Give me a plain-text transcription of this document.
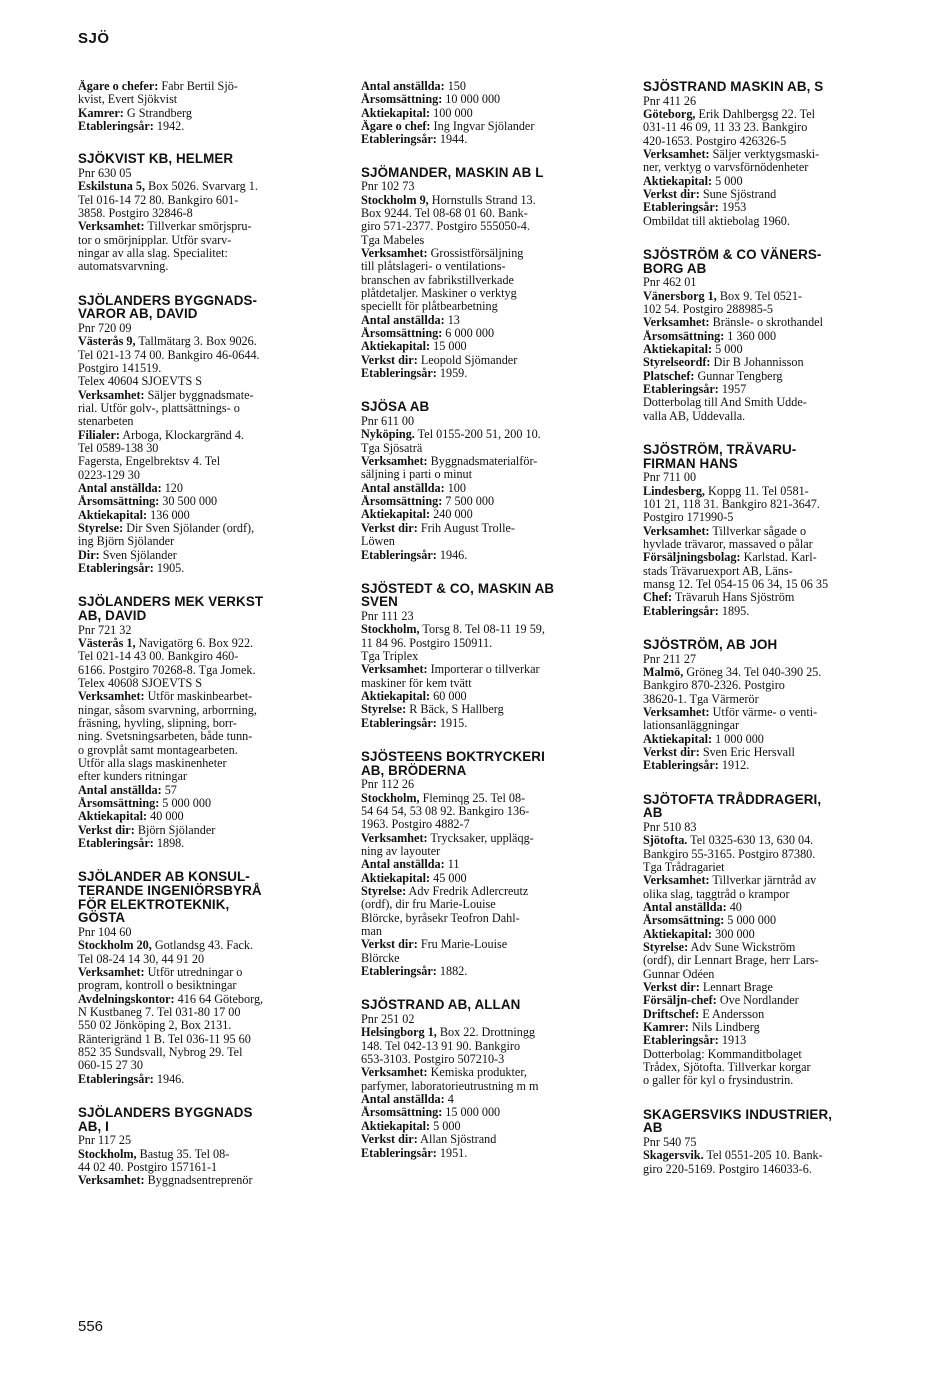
SJÖ
Ägare o chefer: Fabr Bertil Sjö-
kvist, Evert Sjökvist
Kamrer: G Strandberg
Etableringsår: 1942.
SJÖKVIST KB, HELMER
Pnr 630 05
Eskilstuna 5, Box 5026. Svarvarg 1.
Tel 016-14 72 80. Bankgiro 601-
3858. Postgiro 32846-8
Verksamhet: Tillverkar smörjspru-
tor o smörjnipplar. Utför svarv-
ningar av alla slag. Specialitet:
automatsvarvning.
SJÖLANDERS BYGGNADS-
VAROR AB, DAVID
Pnr 720 09
Västerås 9, Tallmätarg 3. Box 9026.
Tel 021-13 74 00. Bankgiro 46-0644.
Postgiro 141519.
Telex 40604 SJOEVTS S
Verksamhet: Säljer byggnadsmate-
rial. Utför golv-, plattsättnings- o
stenarbeten
Filialer: Arboga, Klockargränd 4.
Tel 0589-138 30
Fagersta, Engelbrektsv 4. Tel
0223-129 30
Antal anställda: 120
Årsomsättning: 30 500 000
Aktiekapital: 136 000
Styrelse: Dir Sven Sjölander (ordf),
ing Björn Sjölander
Dir: Sven Sjölander
Etableringsår: 1905.
SJÖLANDERS MEK VERKST
AB, DAVID
Pnr 721 32
Västerås 1, Navigatörg 6. Box 922.
Tel 021-14 43 00. Bankgiro 460-
6166. Postgiro 70268-8. Tga Jomek.
Telex 40608 SJOEVTS S
Verksamhet: Utför maskinbearbet-
ningar, såsom svarvning, arborrning,
fräsning, hyvling, slipning, borr-
ning. Svetsningsarbeten, både tunn-
o grovplåt samt montagearbeten.
Utför alla slags maskinenheter
efter kunders ritningar
Antal anställda: 57
Årsomsättning: 5 000 000
Aktiekapital: 40 000
Verkst dir: Björn Sjölander
Etableringsår: 1898.
SJÖLANDER AB KONSUL-
TERANDE INGENIÖRSBYRÅ
FÖR ELEKTROTEKNIK,
GÖSTA
Pnr 104 60
Stockholm 20, Gotlandsg 43. Fack.
Tel 08-24 14 30, 44 91 20
Verksamhet: Utför utredningar o
program, kontroll o besiktningar
Avdelningskontor: 416 64 Göteborg,
N Kustbaneg 7. Tel 031-80 17 00
550 02 Jönköping 2, Box 2131.
Ränterigränd 1 B. Tel 036-11 95 60
852 35 Sundsvall, Nybrog 29. Tel
060-15 27 30
Etableringsår: 1946.
SJÖLANDERS BYGGNADS
AB, I
Pnr 117 25
Stockholm, Bastug 35. Tel 08-
44 02 40. Postgiro 157161-1
Verksamhet: Byggnadsentreprenör
Antal anställda: 150
Årsomsättning: 10 000 000
Aktiekapital: 100 000
Ägare o chef: Ing Ingvar Sjölander
Etableringsår: 1944.
SJÖMANDER, MASKIN AB L
Pnr 102 73
Stockholm 9, Hornstulls Strand 13.
Box 9244. Tel 08-68 01 60. Bank-
giro 571-2377. Postgiro 555050-4.
Tga Mabeles
Verksamhet: Grossistförsäljning
till plåtslageri- o ventilations-
branschen av fabrikstillverkade
plåtdetaljer. Maskiner o verktyg
speciellt för plåtbearbetning
Antal anställda: 13
Årsomsättning: 6 000 000
Aktiekapital: 15 000
Verkst dir: Leopold Sjömander
Etableringsår: 1959.
SJÖSA AB
Pnr 611 00
Nyköping. Tel 0155-200 51, 200 10.
Tga Sjösaträ
Verksamhet: Byggnadsmaterialför-
säljning i parti o minut
Antal anställda: 100
Årsomsättning: 7 500 000
Aktiekapital: 240 000
Verkst dir: Frih August Trolle-
Löwen
Etableringsår: 1946.
SJÖSTEDT & CO, MASKIN AB
SVEN
Pnr 111 23
Stockholm, Torsg 8. Tel 08-11 19 59,
11 84 96. Postgiro 150911.
Tga Triplex
Verksamhet: Importerar o tillverkar
maskiner för kem tvätt
Aktiekapital: 60 000
Styrelse: R Bäck, S Hallberg
Etableringsår: 1915.
SJÖSTEENS BOKTRYCKERI
AB, BRÖDERNA
Pnr 112 26
Stockholm, Fleminqg 25. Tel 08-
54 64 54, 53 08 92. Bankgiro 136-
1963. Postgiro 4882-7
Verksamhet: Trycksaker, uppläqg-
ning av layouter
Antal anställda: 11
Aktiekapital: 45 000
Styrelse: Adv Fredrik Adlercreutz
(ordf), dir fru Marie-Louise
Blörcke, byråsekr Teofron Dahl-
man
Verkst dir: Fru Marie-Louise
Blörcke
Etableringsår: 1882.
SJÖSTRAND AB, ALLAN
Pnr 251 02
Helsingborg 1, Box 22. Drottningg
148. Tel 042-13 91 90. Bankgiro
653-3103. Postgiro 507210-3
Verksamhet: Kemiska produkter,
parfymer, laboratorieutrustning m m
Antal anställda: 4
Årsomsättning: 15 000 000
Aktiekapital: 5 000
Verkst dir: Allan Sjöstrand
Etableringsår: 1951.
SJÖSTRAND MASKIN AB, S
Pnr 411 26
Göteborg, Erik Dahlbergsg 22. Tel
031-11 46 09, 11 33 23. Bankgiro
420-1653. Postgiro 426326-5
Verksamhet: Säljer verktygsmaski-
ner, verktyg o varvsförnödenheter
Aktiekapital: 5 000
Verkst dir: Sune Sjöstrand
Etableringsår: 1953
Ombildat till aktiebolag 1960.
SJÖSTRÖM & CO VÄNERS-
BORG AB
Pnr 462 01
Vänersborg 1, Box 9. Tel 0521-
102 54. Postgiro 288985-5
Verksamhet: Bränsle- o skrothandel
Årsomsättning: 1 360 000
Aktiekapital: 5 000
Styrelseordf: Dir B Johannisson
Platschef: Gunnar Tengberg
Etableringsår: 1957
Dotterbolag till And Smith Udde-
valla AB, Uddevalla.
SJÖSTRÖM, TRÄVARU-
FIRMAN HANS
Pnr 711 00
Lindesberg, Koppg 11. Tel 0581-
101 21, 118 31. Bankgiro 821-3647.
Postgiro 171990-5
Verksamhet: Tillverkar sågade o
hyvlade trävaror, massaved o pålar
Försäljningsbolag: Karlstad. Karl-
stads Trävaruexport AB, Läns-
mansg 12. Tel 054-15 06 34, 15 06 35
Chef: Trävaruh Hans Sjöström
Etableringsår: 1895.
SJÖSTRÖM, AB JOH
Pnr 211 27
Malmö, Gröneg 34. Tel 040-390 25.
Bankgiro 870-2326. Postgiro
38620-1. Tga Värmerör
Verksamhet: Utför värme- o venti-
lationsanläggningar
Aktiekapital: 1 000 000
Verkst dir: Sven Eric Hersvall
Etableringsår: 1912.
SJÖTOFTA TRÅDDRAGERI,
AB
Pnr 510 83
Sjötofta. Tel 0325-630 13, 630 04.
Bankgiro 55-3165. Postgiro 87380.
Tga Trådragariet
Verksamhet: Tillverkar järntråd av
olika slag, taggtråd o krampor
Antal anställda: 40
Årsomsättning: 5 000 000
Aktiekapital: 300 000
Styrelse: Adv Sune Wickström
(ordf), dir Lennart Brage, herr Lars-
Gunnar Odéen
Verkst dir: Lennart Brage
Försäljn-chef: Ove Nordlander
Driftschef: E Andersson
Kamrer: Nils Lindberg
Etableringsår: 1913
Dotterbolag: Kommanditbolaget
Trådex, Sjötofta. Tillverkar korgar
o galler för kyl o frysindustrin.
SKAGERSVIKS INDUSTRIER,
AB
Pnr 540 75
Skagersvik. Tel 0551-205 10. Bank-
giro 220-5169. Postgiro 146033-6.
556
